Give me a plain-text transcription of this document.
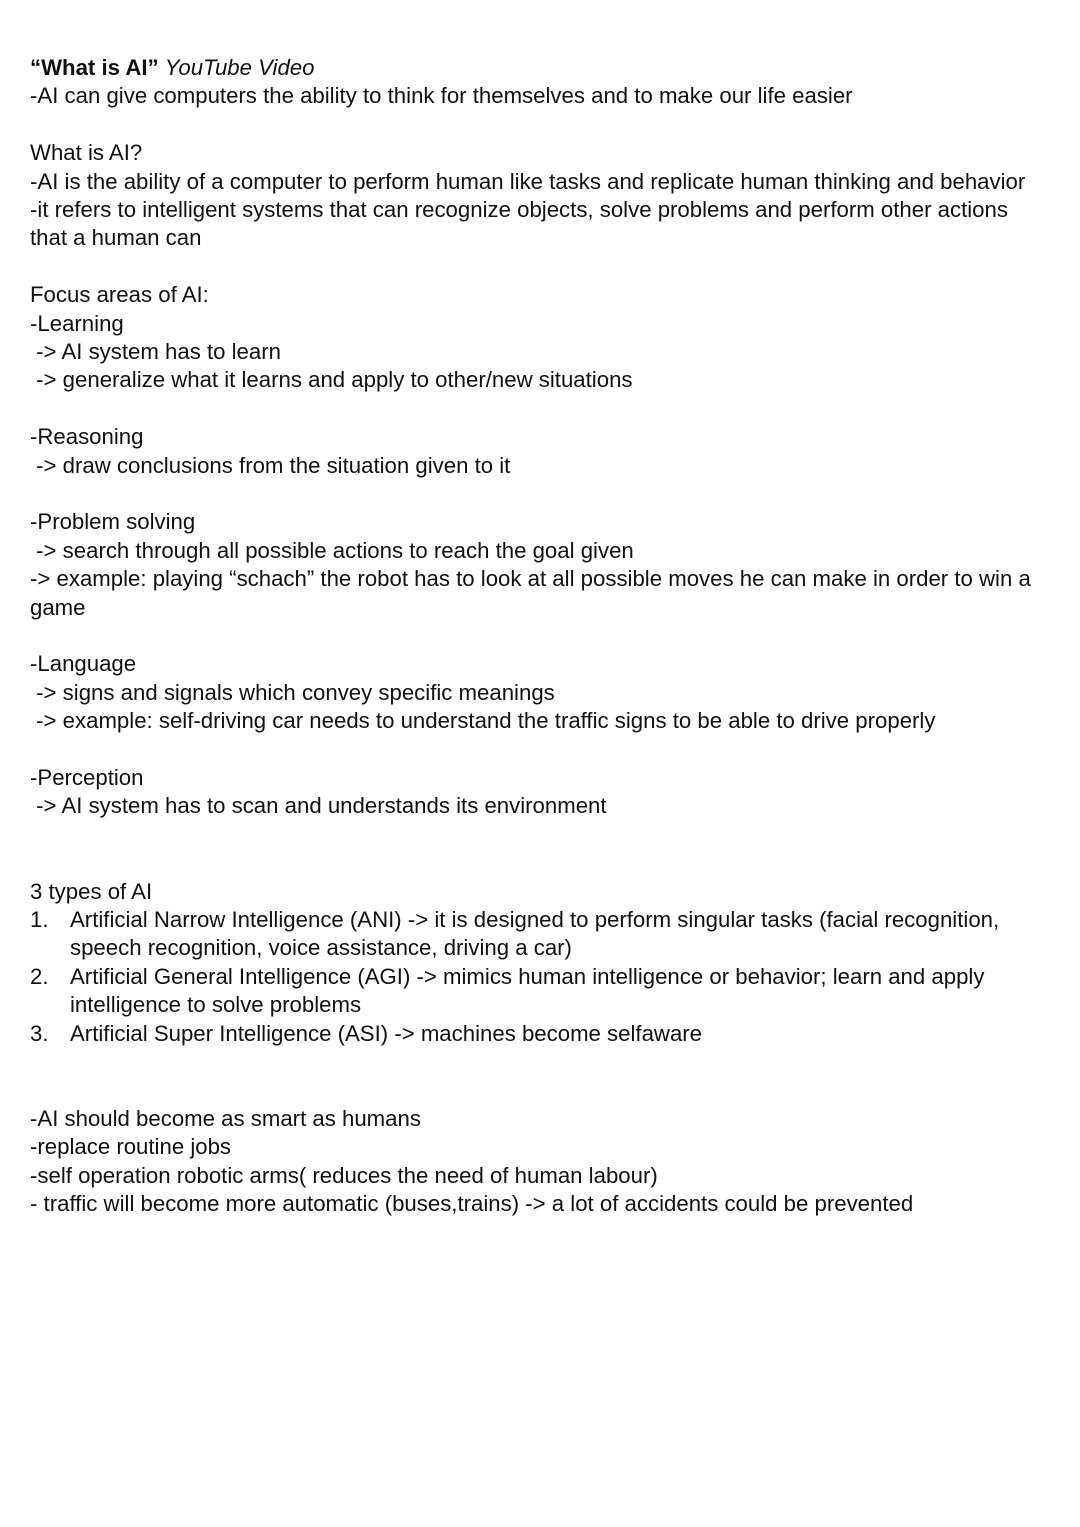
“What is AI” YouTube Video

-AI can give computers the ability to think for themselves and to make our life easier

What is AI?

-AI is the ability of a computer to perform human like tasks and replicate human thinking and behavior

-it refers to intelligent systems that can recognize objects, solve problems and perform other actions that a human can

Focus areas of AI:

-Learning

-> AI system has to learn

-> generalize what it learns and apply to other/new situations

-Reasoning

-> draw conclusions from the situation given to it

-Problem solving

-> search through all possible actions to reach the goal given

-> example: playing “schach” the robot has to look at all possible moves he can make in order to win a game

-Language

-> signs and signals which convey specific meanings

-> example: self-driving car needs to understand the traffic signs to be able to drive properly

-Perception

-> AI system has to scan and understands its environment

3 types of AI

1. Artificial Narrow Intelligence (ANI) -> it is designed to perform singular tasks (facial recognition, speech recognition, voice assistance, driving a car)
2. Artificial General Intelligence (AGI) -> mimics human intelligence or behavior; learn and apply intelligence to solve problems
3. Artificial Super Intelligence (ASI) -> machines become selfaware

-AI should become as smart as humans

-replace routine jobs

-self operation robotic arms( reduces the need of human labour)

- traffic will become more automatic (buses,trains) -> a lot of accidents could be prevented
